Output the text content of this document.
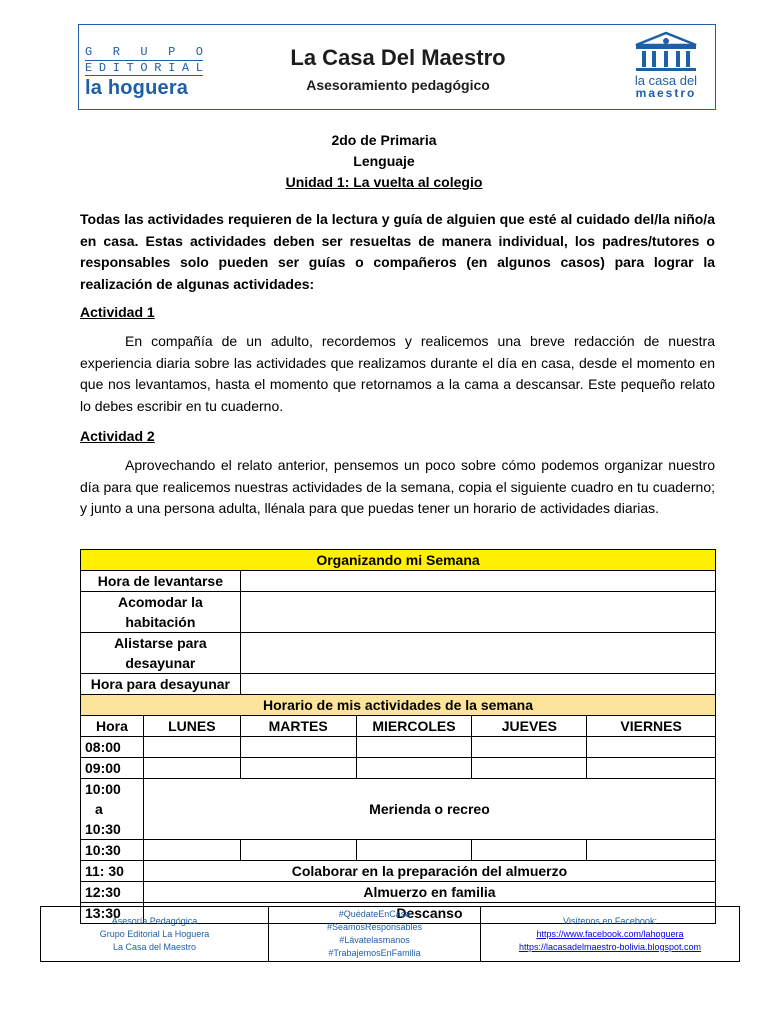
G R U P O
E D I T O R I A L
la hoguera
La Casa Del Maestro
Asesoramiento pedagógico	la casa del
maestro
2do de Primaria
Lenguaje
Unidad 1: La vuelta al colegio
Todas las actividades requieren de la lectura y guía de alguien que esté al cuidado del/la niño/a en casa. Estas actividades deben ser resueltas de manera individual, los padres/tutores o responsables solo pueden ser guías o compañeros (en algunos casos) para lograr la realización de algunas actividades:
Actividad 1
En compañía de un adulto, recordemos y realicemos una breve redacción de nuestra experiencia diaria sobre las actividades que realizamos durante el día en casa, desde el momento en que nos levantamos, hasta el momento que retornamos a la cama a descansar. Este pequeño relato lo debes escribir en tu cuaderno.
Actividad 2
Aprovechando el relato anterior, pensemos un poco sobre cómo podemos organizar nuestro día para que realicemos nuestras actividades de la semana, copia el siguiente cuadro en tu cuaderno; y junto a una persona adulta, llénala para que puedas tener un horario de actividades diarias.
Organizando mi Semana					
Hora de levantarse					
Acomodar la habitación					
Alistarse para desayunar					
Hora para desayunar					
Horario de mis actividades de la semana					
Hora	LUNES	MARTES	MIERCOLES	JUEVES	VIERNES
08:00					
09:00					

10:00
a
10:30	Merienda o recreo				
10:30					
11: 30	Colaborar en la preparación del almuerzo				
12:30	Almuerzo en familia				
13:30	Descanso				
Asesoría Pedagógica
Grupo Editorial La Hoguera
La Casa del Maestro
#QuédateEnCasa
#SeamosResponsables
#Lávatelasmanos
#TrabajemosEnFamilia
Visítenos en Facebook:
https://www.facebook.com/lahoguera
https://lacasadelmaestro-bolivia.blogspot.com
